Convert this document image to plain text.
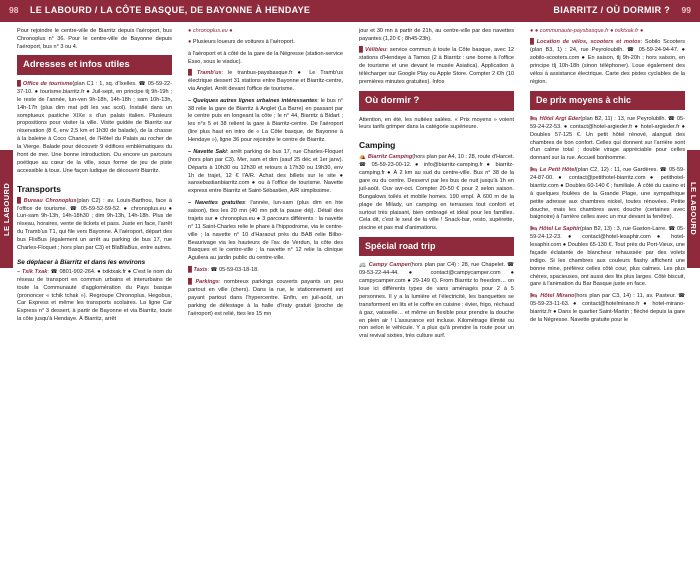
98 LE LABOURD / LA CÔTE BASQUE, DE BAYONNE À HENDAYE	BIARRITZ / OÙ DORMIR ? 99
LE LABOURD	LE LABOURD

Pour rejoindre le centre-ville de Biarritz depuis l'aéroport, bus Chronoplus n° 36. Pour le centre-ville de Bayonne depuis l'aéroport, bus n° 3 ou 4.

Adresses et infos utiles

█ Office de tourisme(plan C1 : 1, sq. d'Ixelles. ☎ 05-59-22-37-10. ● tourisme.biarritz.fr ● Juil-sept, en principe tlj 9h-19h ; le reste de l'année, lun-ven 9h-18h, 14h-18h ; sam 10h-13h, 14h-17h (plus dim mat pdt les vac scol). Installé dans un somptueux pastiche XIXe s d'un palais italien. Plusieurs propositions pour visiter la ville. Visite guidée de Biarritz sur réservation (8 €, env 2,5 km et 1h30 de balade), de la chasse à la baleine à Coco Chanel, de l'Hôtel du Palais au rocher de la Vierge. Balade pour découvrir 9 édifices emblématiques du front de mer. Une bonne introduction. Ou encore un parcours poétique au cœur de la ville, sous forme de jeu de piste accessible à tous. Une façon ludique de découvrir Biarritz.

Transports

█ Bureau Chronoplus(plan C2) : av. Louis-Barthou, face à l'office de tourisme. ☎ 05-59-52-59-52. ● chronoplus.eu ● Lun-sam 9h-13h, 14h-18h30 ; dim 9h-13h, 14h-18h. Plus de réseau, horaires, vente de tickets et pass. Juste en face, l'arrêt du Tramb'us T1, qui file vers Bayonne. À l'aéroport, départ des bus FlixBus (également un arrêt au parking de bus 17, rue Charles-Floquet ; hors plan par C3) et BlaBlaBus, entre autres.

Se déplacer à Biarritz et dans les environs

– Txik Txak: ☎ 0801-902-264. ● txiktxak.fr ● C'est le nom du réseau de transport en commun urbains et interurbains de toute la Communauté d'agglomération du Pays basque (prononcer « tchik tchak »). Regroupe Chronoplus, Hegobus, Car Express et même les transports scolaires. La ligne Car Express n° 3 dessert, à partir de Bayonne et via Biarritz, toute la côte jusqu'à Hendaye. À Biarritz, arrêt

● chronoplus.eu ●

● Plusieurs loueurs de voitures à l'aéroport.

à l'aéroport et à côté de la gare de la Négresse (station-service Esso, sous le viaduc).

█ Tramb'us: le tranbus-paysbasque.fr ● Le Tramb'us électrique dessert 31 stations entre Bayonne et Biarritz-centre, via Anglet. Arrêt devant l'office de tourisme.

– Quelques autres lignes urbaines intéressantes: le bus n° 38 relie la gare de Biarritz à Anglet (La Barre) en passant par le centre puis en longeant la côte ; le n° 44, Biarritz à Bidart ; les n°s 5 et 38 relient la gare à Biarritz-centre. De l'aéroport (lire plus haut en intro de « La Côte basque, de Bayonne à Hendaye »), ligne 36 pour rejoindre le centre de Biarritz.

– Navette Saki: arrêt parking de bus 17, rue Charles-Floquet (hors plan par C3). Mer, sam et dim (sauf 25 déc et 1er janv). Départs à 10h30 ou 12h30 et retours à 17h30 ou 19h30, env 1h de trajet, 12 € l'A/R. Achat des billets sur le site ● sansebastianbiarritz.com ● ou à l'office de tourisme. Navette express entre Biarritz et Saint-Sébastien, A/R simplissime.

– Navettes gratuites: l'année, lun-sam (plus dim en hte saison), ttes les 20 mn (40 mn pdt la pause déj). Détail des trajets sur ● chronoplus.eu ● 3 parcours différents : la navette n° 11 Saint-Charles relie le phare à l'hippodrome, via le centre-ville ; la navette n° 10 d'Haraout près du BAB relie Bilbo-Beaurivage via les hauteurs de l'av. de Verdun, la côte des Basques et le centre-ville ; la navette n° 12 relie la clinique Aguilera au jardin public du centre-ville.

█ Taxis: ☎ 05-59-03-18-18.

█ Parkings: nombreux parkings couverts payants un peu partout en ville (chers). Dans la rue, le stationnement est payant partout dans l'hypercentre. Enfin, en juil-août, un parking de délestage à la halle d'Iraty gratuit (proche de l'aéroport) est relié, ttes les 15 mn

jour et 30 mn à partir de 21h, au centre-ville par des navettes payantes (1,20 € ; 8h45-23h).

█ Vélibleu: service commun à toute la Côte basque, avec 12 stations d'Hendaye à Tarnos (2 à Biarritz : une borne à l'office de tourisme et une devant le musée Asiatica). Application à télécharger sur Google Play ou Apple Store. Compter 2 €/h (10 premières minutes gratuites). Infos

Où dormir ?

Attention, en été, les nuitées salées. « Prix moyens » voient leurs tarifs grimper dans la catégorie supérieure.

Camping

⛺ Biarritz Camping(hors plan par A4, 10 : 28, route d'Harcet. ☎ 05-59-23-00-12. ● info@biarritz-camping.fr ● biarritz-camping.fr ● À 2 km au sud du centre-ville. Bus n° 38 de la gare ou du centre. Desservi par les bus de nuit jusqu'à 1h en juil-août. Ouv avr-oct. Compter 20-50 € pour 2 selon saison. Bungalows toilés et mobile homes. 190 empl. À 600 m de la plage de Milady, un camping en terrasses tout confort et surtout très plaisant, bien ombragé et idéal pour les familles. Cela dit, c'est le seul de la ville ! Snack-bar, resto, supérette, piscine et pas mal d'animations.

Spécial road trip

🚐 Campy Camper(hors plan par C4) : 28, rue Chapelet. ☎ 09-53-22-44-44. ● contact@campycamper.com ● campycamper.com ● 29-149 €). From Biarritz to freedom… on loue ici différents types de vans aménagés pour 2 à 5 personnes. Il y a la lumière et l'électricité, les banquettes se transforment en lits et le coffre en cuisine : évier, frigo, réchaud à gaz, vaisselle… et même un flexible pour prendre la douche en plein air ! L'assurance est incluse. Kilométrage illimité ou non selon le véhicule. Y a plus qu'à prendre la route pour un vrai revival sixties, très culture surf.

● ● communaute-paysbasque.fr ● txiktxak.fr ●

█ Location de vélos, scooters et motos: Sobilo Scooters (plan B3, 1) : 24, rue Peyroloubilh. ☎ 05-59-24-94-47. ● sobilo-scooters.com ● En saison, tlj 9h-20h ; hors saison, en principe tlj 10h-18h (sinon téléphoner). Loue également des vélos à assistance électrique. Carte des pistes cyclables de la région.

De prix moyens à chic

🛏 Hôtel Argi Eder(plan B2, 11) : 13, rue Peyrolubilh. ☎ 05-59-24-22-53. ● contact@hotel-argieder.fr ● hotel-argieder.fr ● Doubles 57-125 €. Un petit hôtel rénové, alanguit des chambres de bon confort. Celles qui donnent sur l'arrière sont d'un calme total ; double virage appréciable pour celles donnant sur la rue. Accueil bonhomme.

🛏 Le Petit Hôtel(plan C2, 12) : 11, rue Gardères. ☎ 05-59-24-87-00. ● contact@petithotel-biarritz.com ● petithotel-biarritz.com ● Doubles 60-140 € ; familiale. À côté du casino et à quelques foulées de la Grande Plage, une sympathique petite adresse aux chambres nickel, toutes rénovées. Petite douche, mais les chambres avec douche (certaines avec baignoire) à l'arrière celles avec un mur devant la fenêtre).

🛏 Hôtel Le Saphir(plan B2, 13) : 3, rue Gaston-Larre. ☎ 05-59-24-12-23. ● contact@hotel-lesaphir.com ● hotel-lesaphir.com ● Doubles 65-130 €. Tout près du Port-Vieux, une façade éclatante de blancheur rehaussée par des volets indigo. Si les chambres aux couleurs flashy affichent une bonne mine, préférez celles côté cour, plus calmes. Les plus chères, spacieuses, ont aussi des lits plus larges. Côté biscuit, gare à l'animation du Bar Basque juste en face.

🛏 Hôtel Mirano(hors plan par C3, 14) : 11, av. Pasteur. ☎ 05-59-23-11-63. ● contact@hotelmirano.fr ● hotel-mirano-biarritz.fr ● Dans le quartier Saint-Martin ; fléché depuis la gare de la Négresse. Navette gratuite pour le
